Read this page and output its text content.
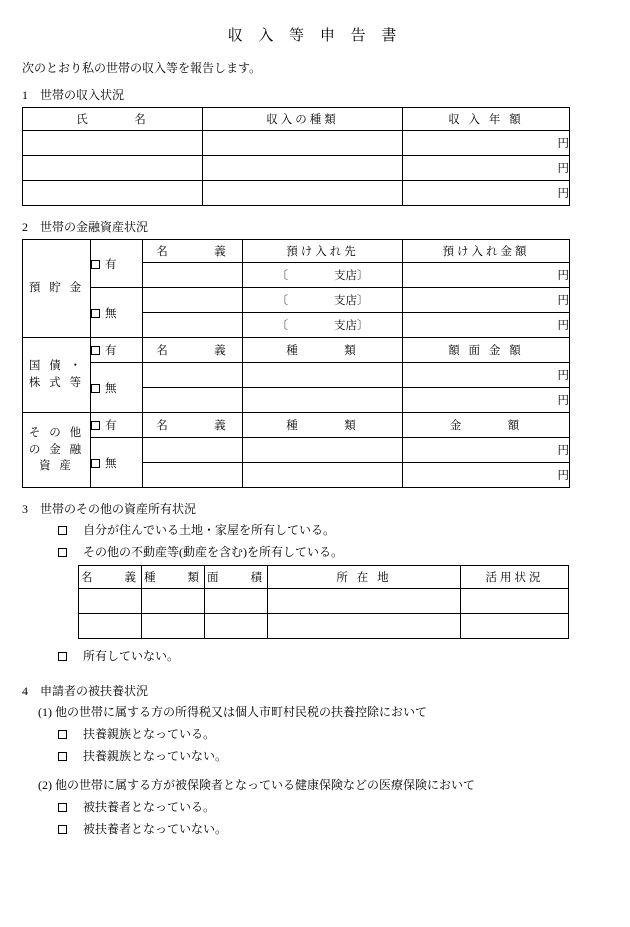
収 入 等 申 告 書
次のとおり私の世帯の収入等を報告します。
1	世帯の収入状況
氏　　　名	収入の種類	収 入 年 額
		円
		円
		円
2	世帯の金融資産状況
預 貯 金	有	名　　　義	預け入れ先	預け入れ金額
			〔　　　　支店〕	円
	無		〔　　　　支店〕	円
			〔　　　　支店〕	円
国 債 ・
株 式 等	有	名　　　義	種　　　類	額 面 金 額
	無			円
				円
そ の 他
の 金 融
資 産	有	名　　　義	種　　　類	金　　　額
	無			円
				円
3	世帯のその他の資産所有状況
自分が住んでいる土地・家屋を所有している。
その他の不動産等(動産を含む)を所有している。
名　　義	種　　類	面　　積	所 在 地	活用状況

所有していない。
4	申請者の被扶養状況
(1) 他の世帯に属する方の所得税又は個人市町村民税の扶養控除において
扶養親族となっている。
扶養親族となっていない。
(2) 他の世帯に属する方が被保険者となっている健康保険などの医療保険において
被扶養者となっている。
被扶養者となっていない。
